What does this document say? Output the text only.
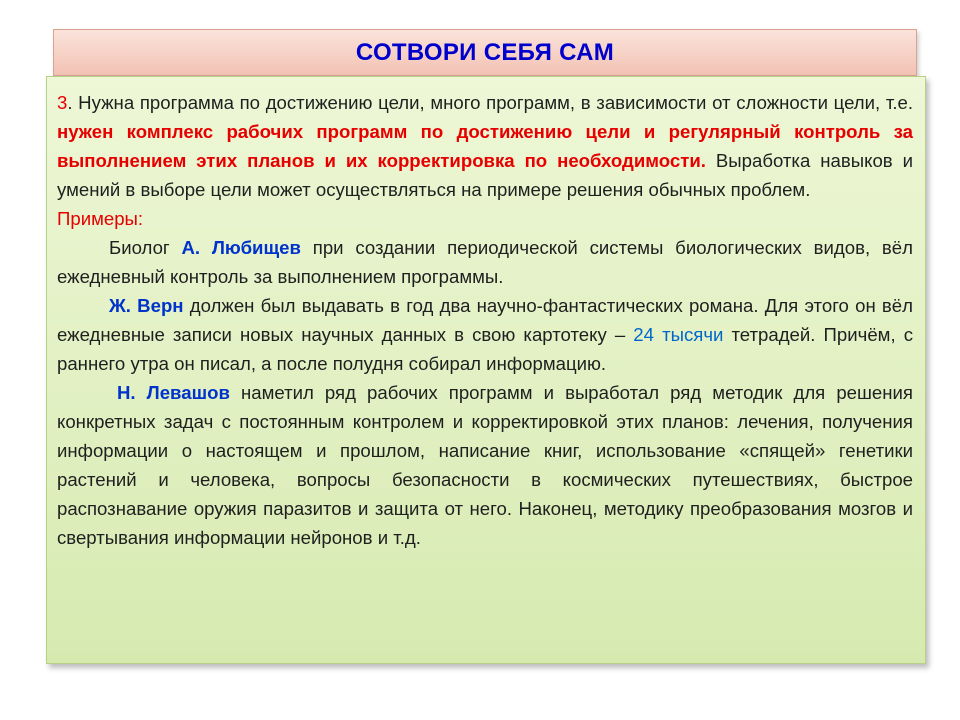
СОТВОРИ СЕБЯ САМ

3. Нужна программа по достижению цели, много программ, в зависимости от сложности цели, т.е. нужен комплекс рабочих программ по достижению цели и регулярный контроль за выполнением этих планов и их корректировка по необходимости. Выработка навыков и умений в выборе цели может осуществляться на примере решения обычных проблем.

Примеры:

Биолог А. Любищев при создании периодической системы биологических видов, вёл ежедневный контроль за выполнением программы.

Ж. Верн должен был выдавать в год два научно-фантастических романа. Для этого он вёл ежедневные записи новых научных данных в свою картотеку – 24 тысячи тетрадей. Причём, с раннего утра он писал, а после полудня собирал информацию.

Н. Левашов наметил ряд рабочих программ и выработал ряд методик для решения конкретных задач с постоянным контролем и корректировкой этих планов: лечения, получения информации о настоящем и прошлом, написание книг, использование «спящей» генетики растений и человека, вопросы безопасности в космических путешествиях, быстрое распознавание оружия паразитов и защита от него. Наконец, методику преобразования мозгов и свертывания информации нейронов и т.д.
